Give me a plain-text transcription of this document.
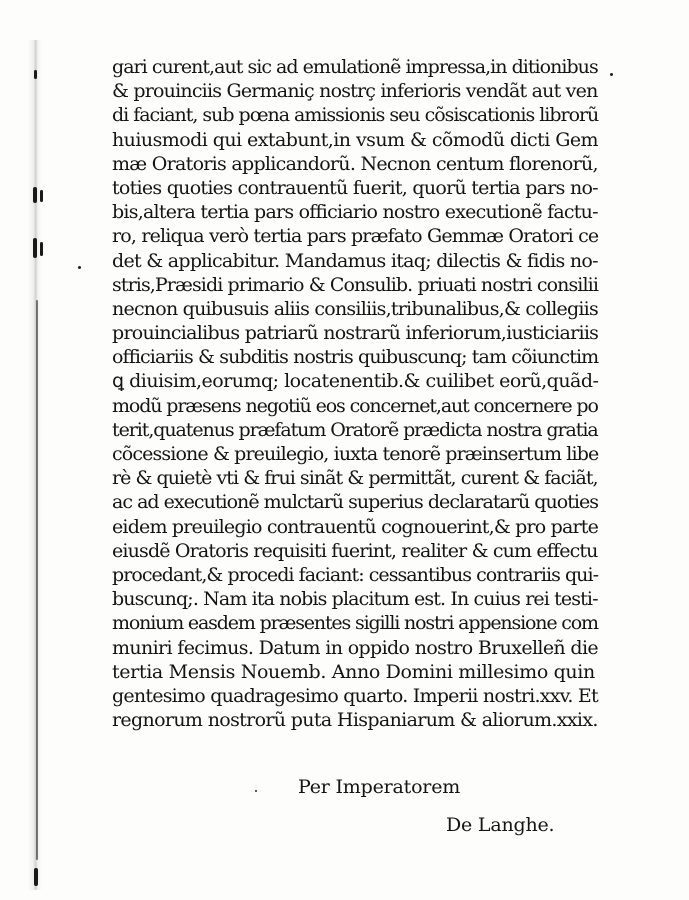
gari curent,aut sic ad emulationẽ impressa,in ditionibus
& prouinciis Germaniç nostrç inferioris vendãt aut ven
di faciant, sub pœna amissionis seu cõsiscationis librorũ
huiusmodi qui extabunt,in vsum & cõmodũ dicti Gem
mæ Oratoris applicandorũ. Necnon centum florenorũ,
toties quoties contrauentũ fuerit, quorũ tertia pars no-
bis,altera tertia pars officiario nostro executionẽ factu-
ro, reliqua verò tertia pars præfato Gemmæ Oratori ce
det & applicabitur. Mandamus itaq; dilectis & fidis no-
stris,Præsidi primario & Consulib. priuati nostri consilii
necnon quibusuis aliis consiliis,tribunalibus,& collegiis
prouincialibus patriarũ nostrarũ inferiorum,iusticiariis
officiariis & subditis nostris quibuscunq; tam cõiunctim
ꝗ diuisim,eorumq; locatenentib.& cuilibet eorũ,quãd-
modũ præsens negotiũ eos concernet,aut concernere po
terit,quatenus præfatum Oratorẽ prædicta nostra gratia
cõcessione & preuilegio, iuxta tenorẽ præinsertum libe
rè & quietè vti & frui sinãt & permittãt, curent & faciãt,
ac ad executionẽ mulctarũ superius declaratarũ quoties
eidem preuilegio contrauentũ cognouerint,& pro parte
eiusdẽ Oratoris requisiti fuerint, realiter & cum effectu
procedant,& procedi faciant: cessantibus contrariis qui-
buscunq;. Nam ita nobis placitum est. In cuius rei testi-
monium easdem præsentes sigilli nostri appensione com
muniri fecimus. Datum in oppido nostro Bruxelleñ die
tertia Mensis Nouemb. Anno Domini millesimo quin
gentesimo quadragesimo quarto. Imperii nostri.xxv. Et
regnorum nostrorũ puta Hispaniarum & aliorum.xxix.
Per Imperatorem
De Langhe.
